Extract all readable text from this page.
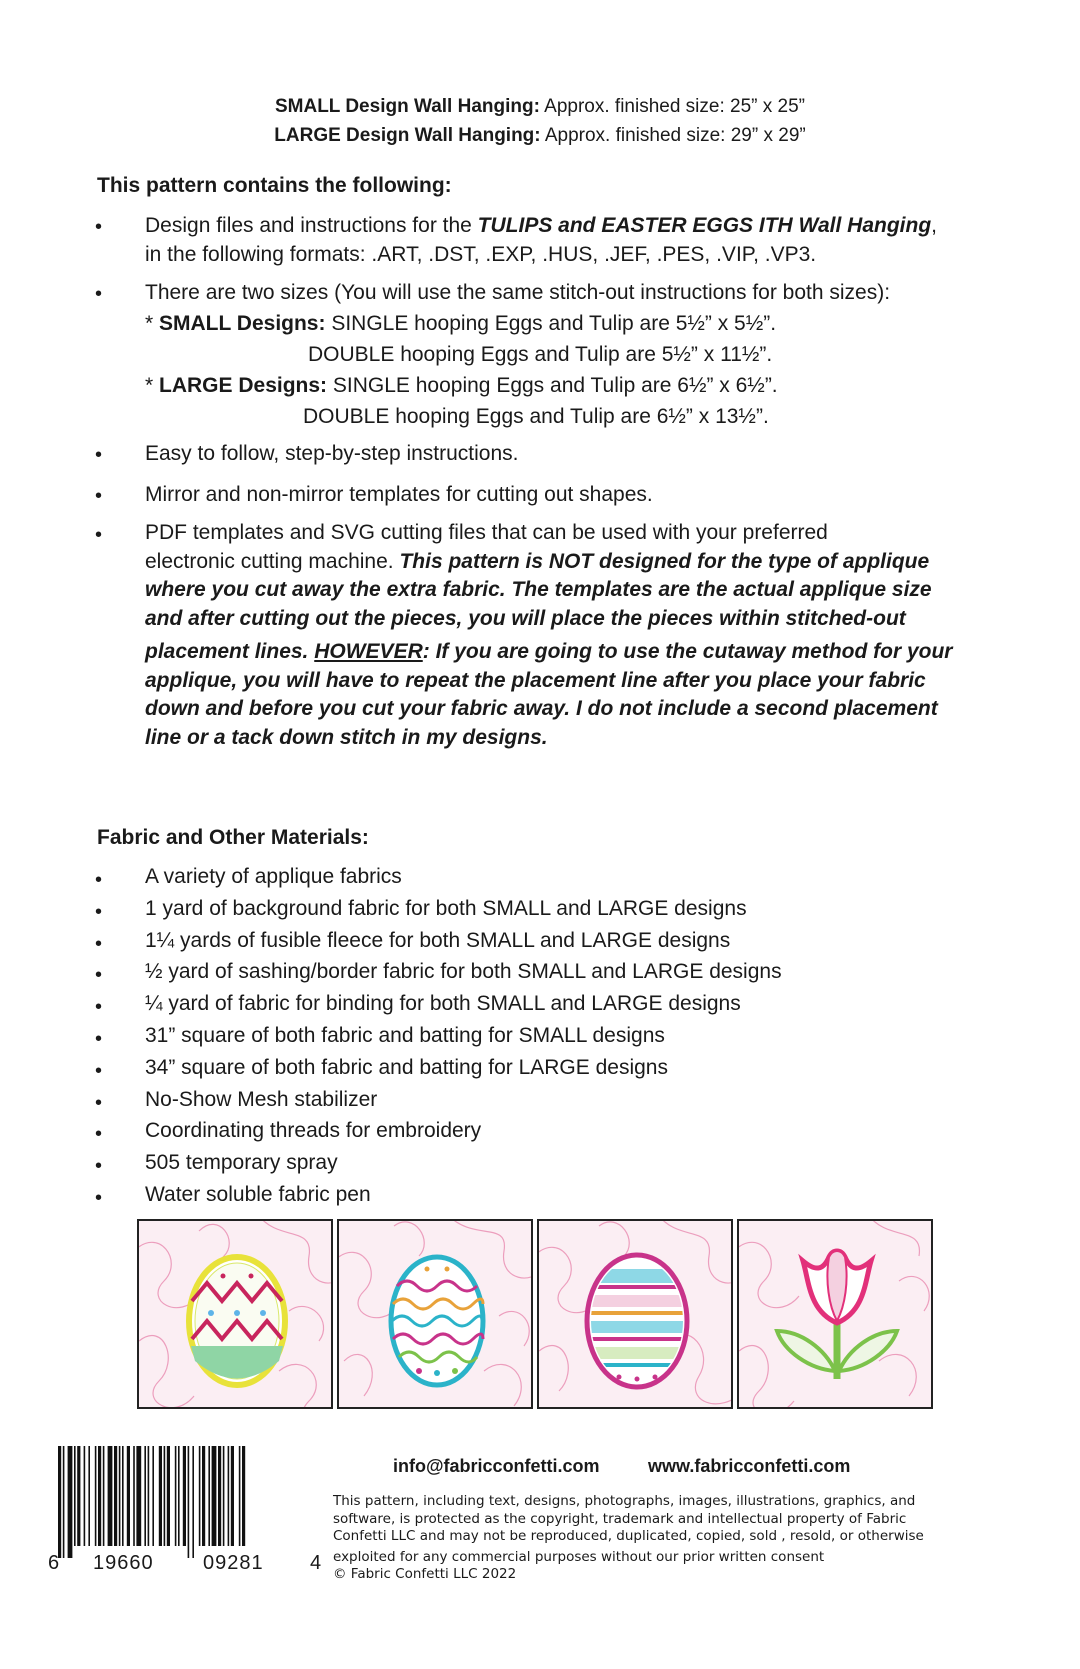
SMALL Design Wall Hanging: Approx. finished size: 25” x 25”
LARGE Design Wall Hanging: Approx. finished size: 29” x 29”
This pattern contains the following:
• Design files and instructions for the TULIPS and EASTER EGGS ITH Wall Hanging,
in the following formats: .ART, .DST, .EXP, .HUS, .JEF, .PES, .VIP, .VP3.
• There are two sizes (You will use the same stitch-out instructions for both sizes):
* SMALL Designs: SINGLE hooping Eggs and Tulip are 5½” x 5½”.
DOUBLE hooping Eggs and Tulip are 5½” x 11½”.
* LARGE Designs: SINGLE hooping Eggs and Tulip are 6½” x 6½”.
DOUBLE hooping Eggs and Tulip are 6½” x 13½”.
• Easy to follow, step-by-step instructions.
• Mirror and non-mirror templates for cutting out shapes.
• PDF templates and SVG cutting files that can be used with your preferred
electronic cutting machine. This pattern is NOT designed for the type of applique
where you cut away the extra fabric. The templates are the actual applique size
and after cutting out the pieces, you will place the pieces within stitched-out
placement lines. HOWEVER: If you are going to use the cutaway method for your
applique, you will have to repeat the placement line after you place your fabric
down and before you cut your fabric away. I do not include a second placement
line or a tack down stitch in my designs.
Fabric and Other Materials:
• A variety of applique fabrics
• 1 yard of background fabric for both SMALL and LARGE designs
• 1¼ yards of fusible fleece for both SMALL and LARGE designs
• ½ yard of sashing/border fabric for both SMALL and LARGE designs
• ¼ yard of fabric for binding for both SMALL and LARGE designs
• 31” square of both fabric and batting for SMALL designs
• 34” square of both fabric and batting for LARGE designs
• No-Show Mesh stabilizer
• Coordinating threads for embroidery
• 505 temporary spray
• Water soluble fabric pen
6 19660 09281 4
info@fabricconfetti.com	www.fabricconfetti.com
This pattern, including text, designs, photographs, images, illustrations, graphics, and
software, is protected as the copyright, trademark and intellectual property of Fabric
Confetti LLC and may not be reproduced, duplicated, copied, sold , resold, or otherwise
exploited for any commercial purposes without our prior written consent
© Fabric Confetti LLC 2022
